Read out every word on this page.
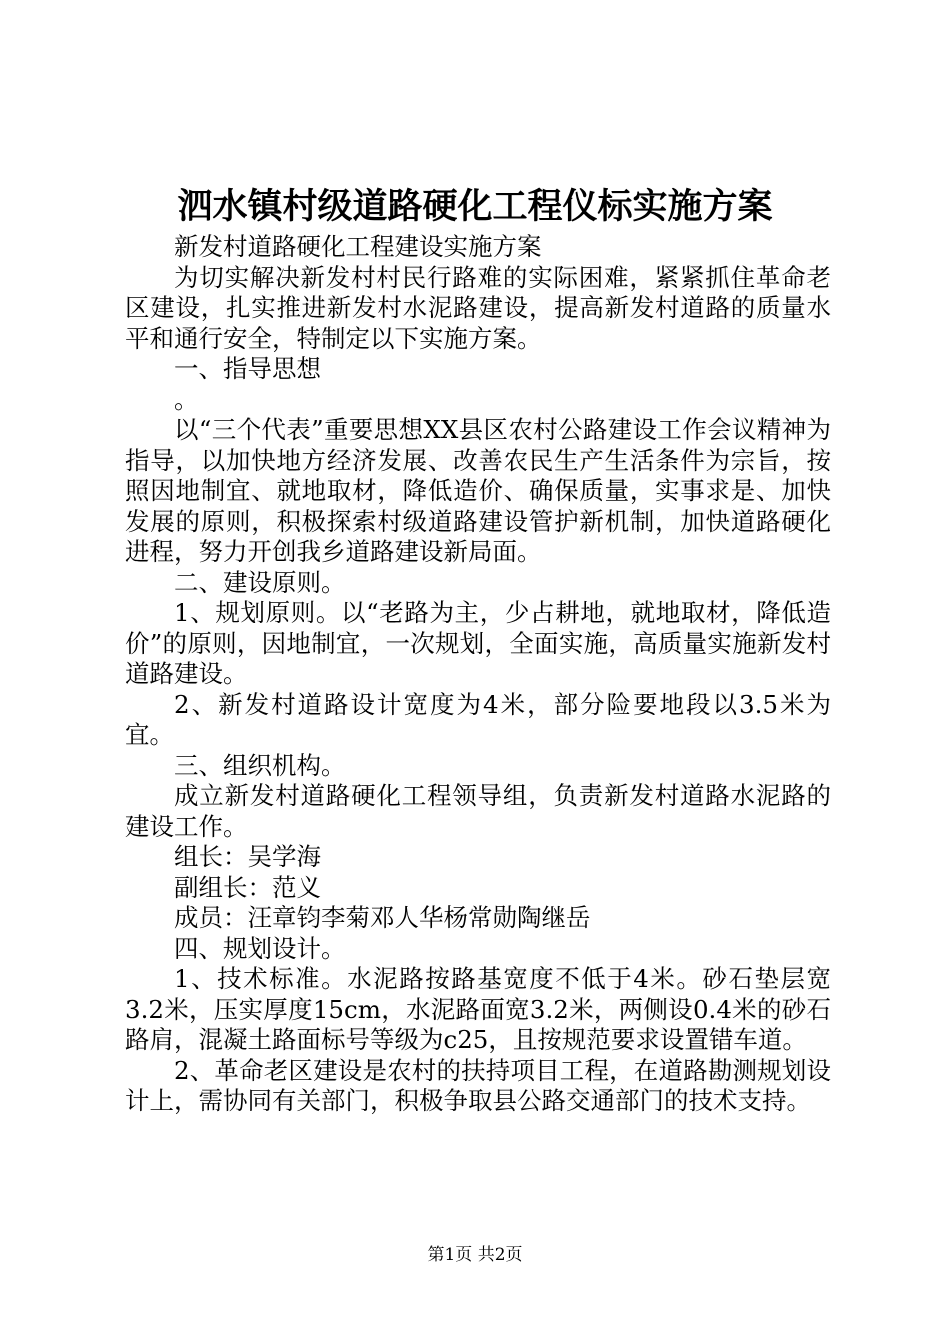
泗水镇村级道路硬化工程仪标实施方案

新发村道路硬化工程建设实施方案

为切实解决新发村村民行路难的实际困难，紧紧抓住革命老区建设，扎实推进新发村水泥路建设，提高新发村道路的质量水平和通行安全，特制定以下实施方案。

一、指导思想

。

以“三个代表”重要思想XX县区农村公路建设工作会议精神为指导，以加快地方经济发展、改善农民生产生活条件为宗旨，按照因地制宜、就地取材，降低造价、确保质量，实事求是、加快发展的原则，积极探索村级道路建设管护新机制，加快道路硬化进程，努力开创我乡道路建设新局面。

二、建设原则。

1、规划原则。以“老路为主，少占耕地，就地取材，降低造价”的原则，因地制宜，一次规划，全面实施，高质量实施新发村道路建设。

2、新发村道路设计宽度为4米，部分险要地段以3.5米为宜。

三、组织机构。

成立新发村道路硬化工程领导组，负责新发村道路水泥路的建设工作。

组长：吴学海

副组长：范义

成员：汪章钧李菊邓人华杨常勋陶继岳

四、规划设计。

1、技术标准。水泥路按路基宽度不低于4米。砂石垫层宽3.2米，压实厚度15cm，水泥路面宽3.2米，两侧设0.4米的砂石路肩，混凝土路面标号等级为c25，且按规范要求设置错车道。

2、革命老区建设是农村的扶持项目工程，在道路勘测规划设计上，需协同有关部门，积极争取县公路交通部门的技术支持。

第1页 共2页
